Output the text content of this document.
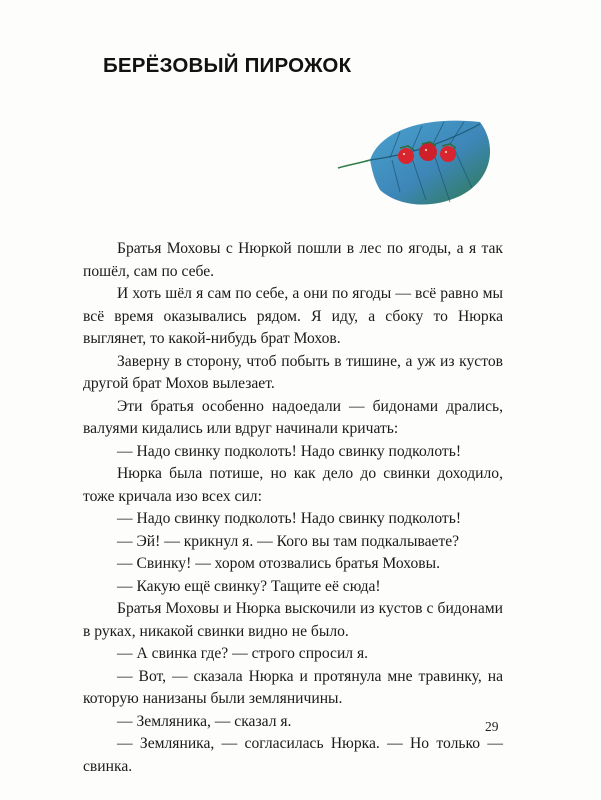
БЕРЁЗОВЫЙ ПИРОЖОК

Братья Моховы с Нюркой пошли в лес по ягоды, а я так пошёл, сам по себе.

И хоть шёл я сам по себе, а они по ягоды — всё равно мы всё время оказывались рядом. Я иду, а сбоку то Нюрка выглянет, то какой-нибудь брат Мохов.

Заверну в сторону, чтоб побыть в тишине, а уж из кустов другой брат Мохов вылезает.

Эти братья особенно надоедали — бидонами дрались, валуями кидались или вдруг начинали кричать:

— Надо свинку подколоть! Надо свинку подколоть!

Нюрка была потише, но как дело до свинки доходило, тоже кричала изо всех сил:

— Надо свинку подколоть! Надо свинку подколоть!

— Эй! — крикнул я. — Кого вы там подкалываете?

— Свинку! — хором отозвались братья Моховы.

— Какую ещё свинку? Тащите её сюда!

Братья Моховы и Нюрка выскочили из кустов с бидонами в руках, никакой свинки видно не было.

— А свинка где? — строго спросил я.

— Вот, — сказала Нюрка и протянула мне травинку, на которую нанизаны были земляничины.

— Земляника, — сказал я.

— Земляника, — согласилась Нюрка. — Но только — свинка.

29
